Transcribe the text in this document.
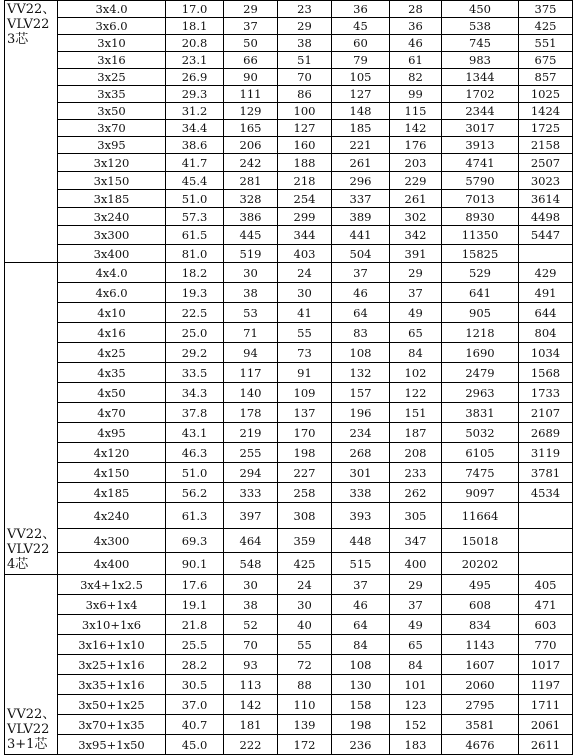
VV22、
VLV22
3芯	3x4.0	17.0	29	23	36	28	450	375
	3x6.0	18.1	37	29	45	36	538	425
	3x10	20.8	50	38	60	46	745	551
	3x16	23.1	66	51	79	61	983	675
	3x25	26.9	90	70	105	82	1344	857
	3x35	29.3	111	86	127	99	1702	1025
	3x50	31.2	129	100	148	115	2344	1424
	3x70	34.4	165	127	185	142	3017	1725
	3x95	38.6	206	160	221	176	3913	2158
	3x120	41.7	242	188	261	203	4741	2507
	3x150	45.4	281	218	296	229	5790	3023
	3x185	51.0	328	254	337	261	7013	3614
	3x240	57.3	386	299	389	302	8930	4498
	3x300	61.5	445	344	441	342	11350	5447
	3x400	81.0	519	403	504	391	15825	

VV22、
VLV22
4芯	4x4.0	18.2	30	24	37	29	529	429
	4x6.0	19.3	38	30	46	37	641	491
	4x10	22.5	53	41	64	49	905	644
	4x16	25.0	71	55	83	65	1218	804
	4x25	29.2	94	73	108	84	1690	1034
	4x35	33.5	117	91	132	102	2479	1568
	4x50	34.3	140	109	157	122	2963	1733
	4x70	37.8	178	137	196	151	3831	2107
	4x95	43.1	219	170	234	187	5032	2689
	4x120	46.3	255	198	268	208	6105	3119
	4x150	51.0	294	227	301	233	7475	3781
	4x185	56.2	333	258	338	262	9097	4534
	4x240	61.3	397	308	393	305	11664	
	4x300	69.3	464	359	448	347	15018	
	4x400	90.1	548	425	515	400	20202	

VV22、
VLV22
3+1芯	3x4+1x2.5	17.6	30	24	37	29	495	405
	3x6+1x4	19.1	38	30	46	37	608	471
	3x10+1x6	21.8	52	40	64	49	834	603
	3x16+1x10	25.5	70	55	84	65	1143	770
	3x25+1x16	28.2	93	72	108	84	1607	1017
	3x35+1x16	30.5	113	88	130	101	2060	1197
	3x50+1x25	37.0	142	110	158	123	2795	1711
	3x70+1x35	40.7	181	139	198	152	3581	2061
	3x95+1x50	45.0	222	172	236	183	4676	2611
